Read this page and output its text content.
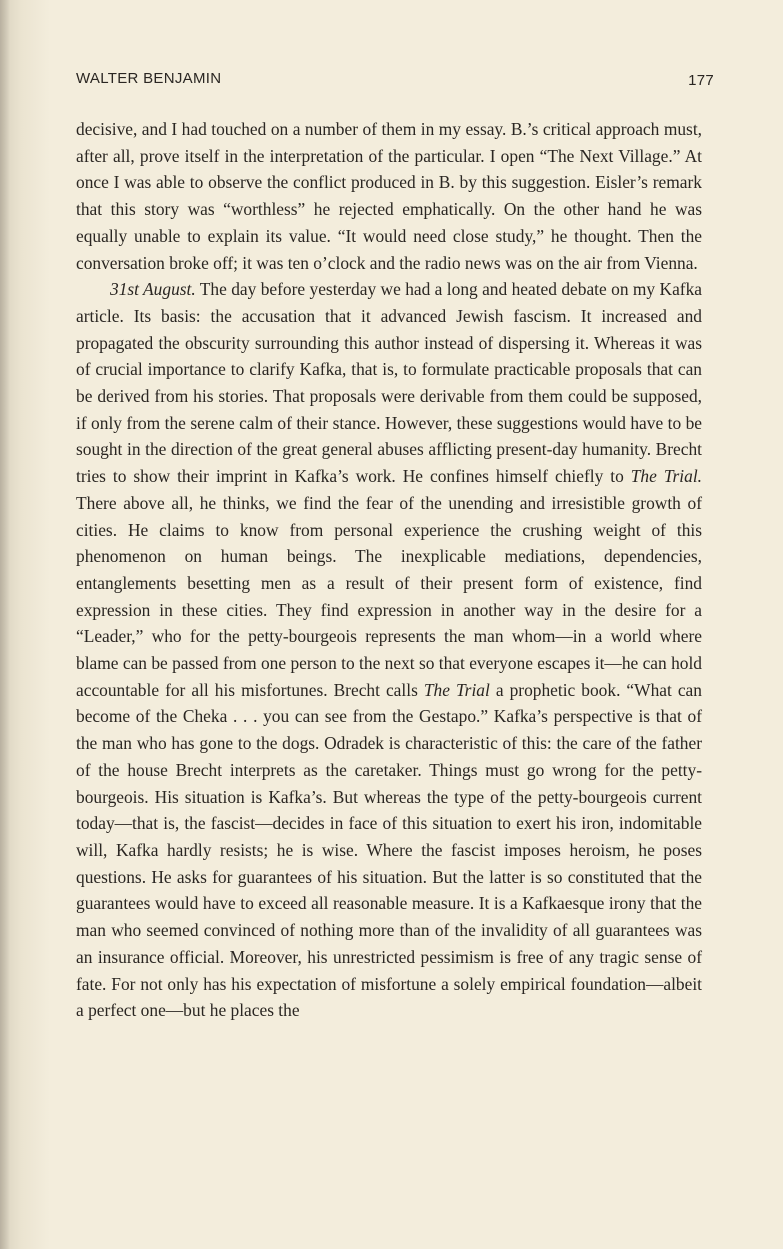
WALTER BENJAMIN	177

decisive, and I had touched on a number of them in my essay. B.’s critical approach must, after all, prove itself in the interpretation of the particular. I open “The Next Village.” At once I was able to observe the conflict produced in B. by this suggestion. Eisler’s remark that this story was “worthless” he rejected emphatically. On the other hand he was equally unable to explain its value. “It would need close study,” he thought. Then the conversation broke off; it was ten o’clock and the radio news was on the air from Vienna.

31st August. The day before yesterday we had a long and heated debate on my Kafka article. Its basis: the accusation that it advanced Jewish fascism. It increased and propagated the obscurity surrounding this author instead of dispersing it. Whereas it was of crucial importance to clarify Kafka, that is, to formulate practicable proposals that can be derived from his stories. That proposals were derivable from them could be supposed, if only from the serene calm of their stance. However, these suggestions would have to be sought in the direction of the great general abuses afflicting present-day humanity. Brecht tries to show their imprint in Kafka’s work. He confines himself chiefly to The Trial. There above all, he thinks, we find the fear of the unending and irresistible growth of cities. He claims to know from personal experience the crushing weight of this phenomenon on human beings. The inexplicable mediations, dependencies, entanglements besetting men as a result of their present form of existence, find expression in these cities. They find expression in another way in the desire for a “Leader,” who for the petty-bourgeois represents the man whom—in a world where blame can be passed from one person to the next so that everyone escapes it—he can hold accountable for all his misfortunes. Brecht calls The Trial a prophetic book. “What can become of the Cheka . . . you can see from the Gestapo.” Kafka’s perspective is that of the man who has gone to the dogs. Odradek is characteristic of this: the care of the father of the house Brecht interprets as the caretaker. Things must go wrong for the petty-bourgeois. His situation is Kafka’s. But whereas the type of the petty-bourgeois current today—that is, the fascist—decides in face of this situation to exert his iron, indomitable will, Kafka hardly resists; he is wise. Where the fascist imposes heroism, he poses questions. He asks for guarantees of his situation. But the latter is so constituted that the guarantees would have to exceed all reasonable measure. It is a Kafkaesque irony that the man who seemed convinced of nothing more than of the invalidity of all guarantees was an insurance official. Moreover, his unrestricted pessimism is free of any tragic sense of fate. For not only has his expectation of misfortune a solely empirical foundation—albeit a perfect one—but he places the
